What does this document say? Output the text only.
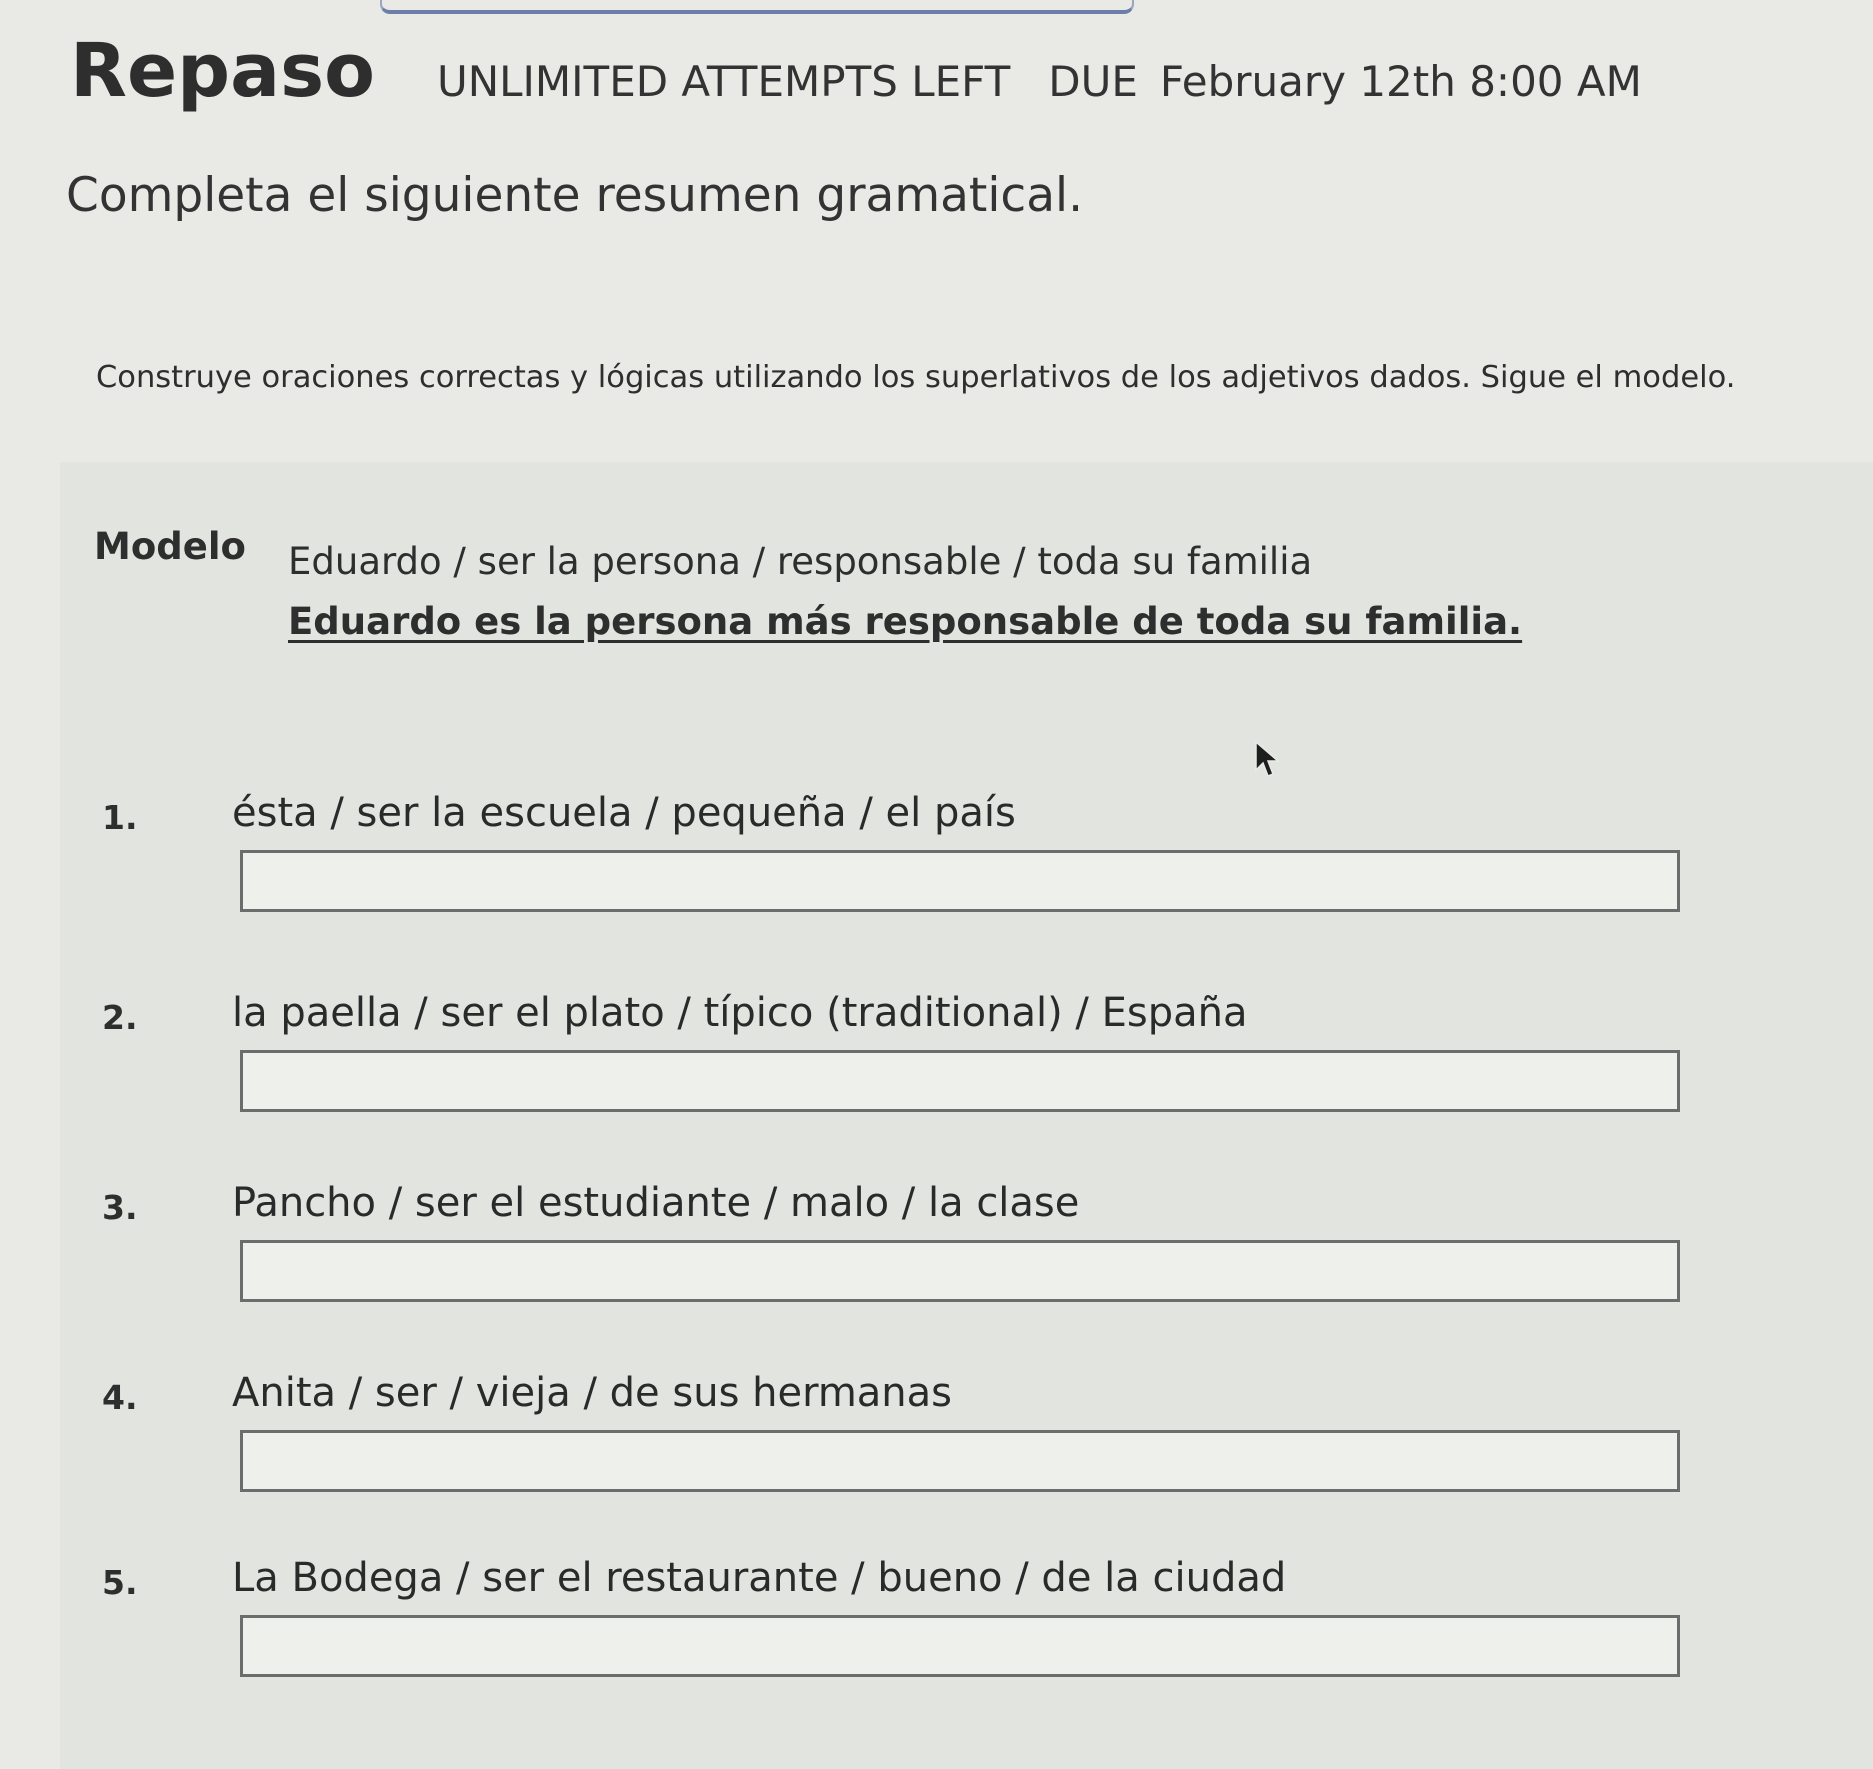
Repaso UNLIMITED ATTEMPTS LEFT DUE February 12th 8:00 AM
Completa el siguiente resumen gramatical.
Construye oraciones correctas y lógicas utilizando los superlativos de los adjetivos dados. Sigue el modelo.
Modelo Eduardo / ser la persona / responsable / toda su familia
Eduardo es la persona más responsable de toda su familia.
1. ésta / ser la escuela / pequeña / el país
2. la paella / ser el plato / típico (traditional) / España
3. Pancho / ser el estudiante / malo / la clase
4. Anita / ser / vieja / de sus hermanas
5. La Bodega / ser el restaurante / bueno / de la ciudad
